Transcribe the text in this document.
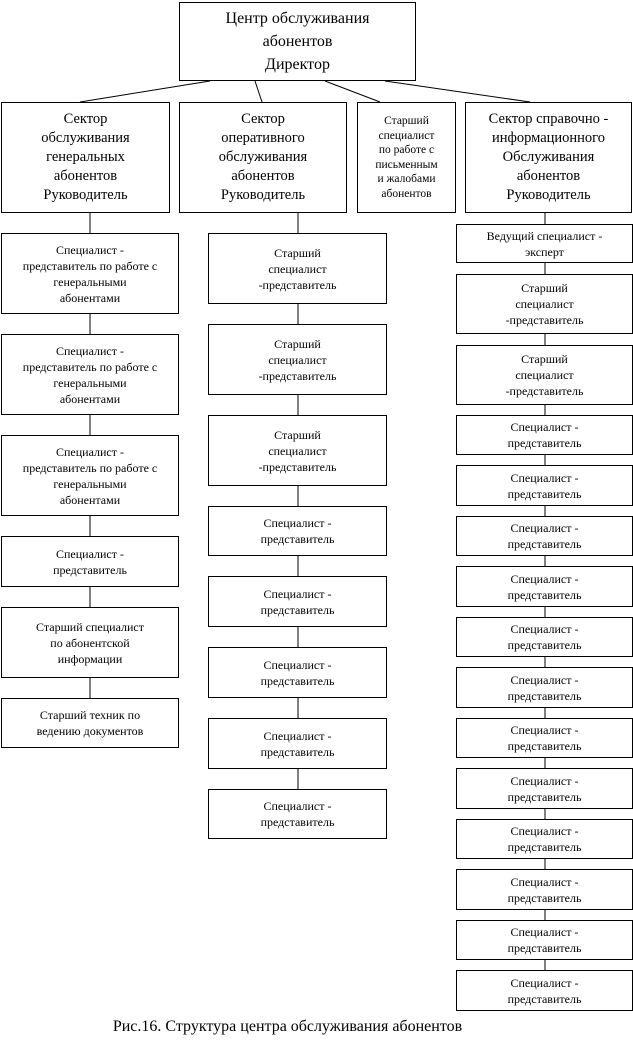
Центр обслуживания
абонентов
Директор
Сектор
обслуживания
генеральных
абонентов
Руководитель
Сектор
оперативного
обслуживания
абонентов
Руководитель
Старший
специалист
по работе с
письменным
и жалобами
абонентов
Сектор справочно -
информационного
Обслуживания
абонентов
Руководитель
Специалист -
представитель по работе с
генеральными
абонентами
Специалист -
представитель по работе с
генеральными
абонентами
Специалист -
представитель по работе с
генеральными
абонентами
Специалист -
представитель
Старший специалист
по абонентской
информации
Старший техник по
ведению документов
Старший
специалист
-представитель
Старший
специалист
-представитель
Старший
специалист
-представитель
Специалист -
представитель
Специалист -
представитель
Специалист -
представитель
Специалист -
представитель
Специалист -
представитель
Ведущий специалист -
эксперт
Старший
специалист
-представитель
Старший
специалист
-представитель
Специалист -
представитель
Специалист -
представитель
Специалист -
представитель
Специалист -
представитель
Специалист -
представитель
Специалист -
представитель
Специалист -
представитель
Специалист -
представитель
Специалист -
представитель
Специалист -
представитель
Специалист -
представитель
Специалист -
представитель
Рис.16. Структура центра обслуживания абонентов
